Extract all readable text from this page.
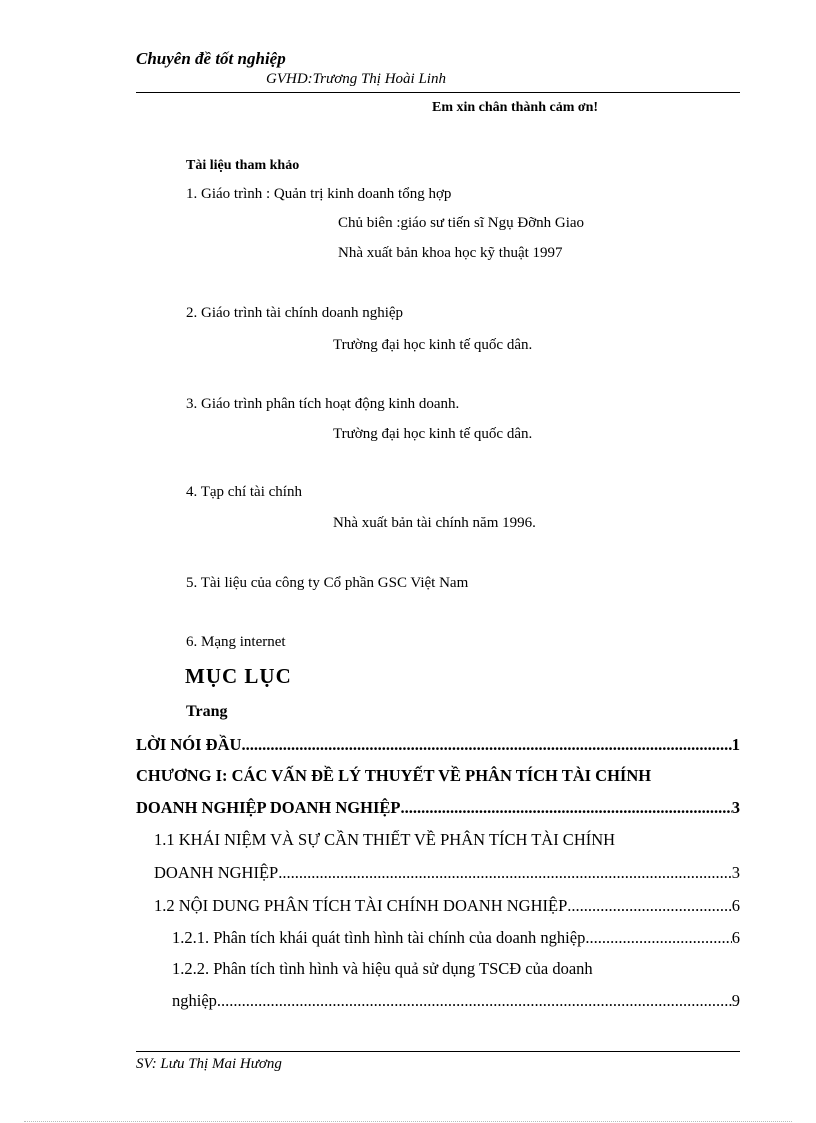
Chuyên đề tốt nghiệp
GVHD:Trương Thị Hoài Linh
Em xin chân thành cảm ơn!
Tài liệu tham khảo
1. Giáo trình : Quản trị kinh doanh tổng hợp
Chủ biên :giáo sư tiến sĩ Ngụ Đỡnh Giao
Nhà xuất bản khoa học kỹ thuật 1997
2. Giáo trình tài chính doanh nghiệp
Trường đại học kinh tế quốc dân.
3. Giáo trình phân tích hoạt động kinh doanh.
Trường đại học kinh tế quốc dân.
4. Tạp chí tài chính
Nhà xuất bản tài chính năm 1996.
5. Tài liệu của công ty Cổ phần GSC Việt Nam
6. Mạng internet
MỤC LỤC
Trang
LỜI NÓI ĐẦU .....	1
CHƯƠNG I: CÁC VẤN ĐỀ LÝ THUYẾT VỀ PHÂN TÍCH TÀI CHÍNH
DOANH NGHIỆP DOANH NGHIỆP .....	3
1.1 KHÁI NIỆM VÀ SỰ CẦN THIẾT VỀ PHÂN TÍCH TÀI CHÍNH
DOANH NGHIỆP .....	3
1.2 NỘI DUNG PHÂN TÍCH TÀI CHÍNH DOANH NGHIỆP .....	6
1.2.1. Phân tích khái quát tình hình tài chính của doanh nghiệp .....	6
1.2.2. Phân tích tình hình và hiệu quả sử dụng TSCĐ của doanh
nghiệp .....	9
SV: Lưu Thị Mai Hương
